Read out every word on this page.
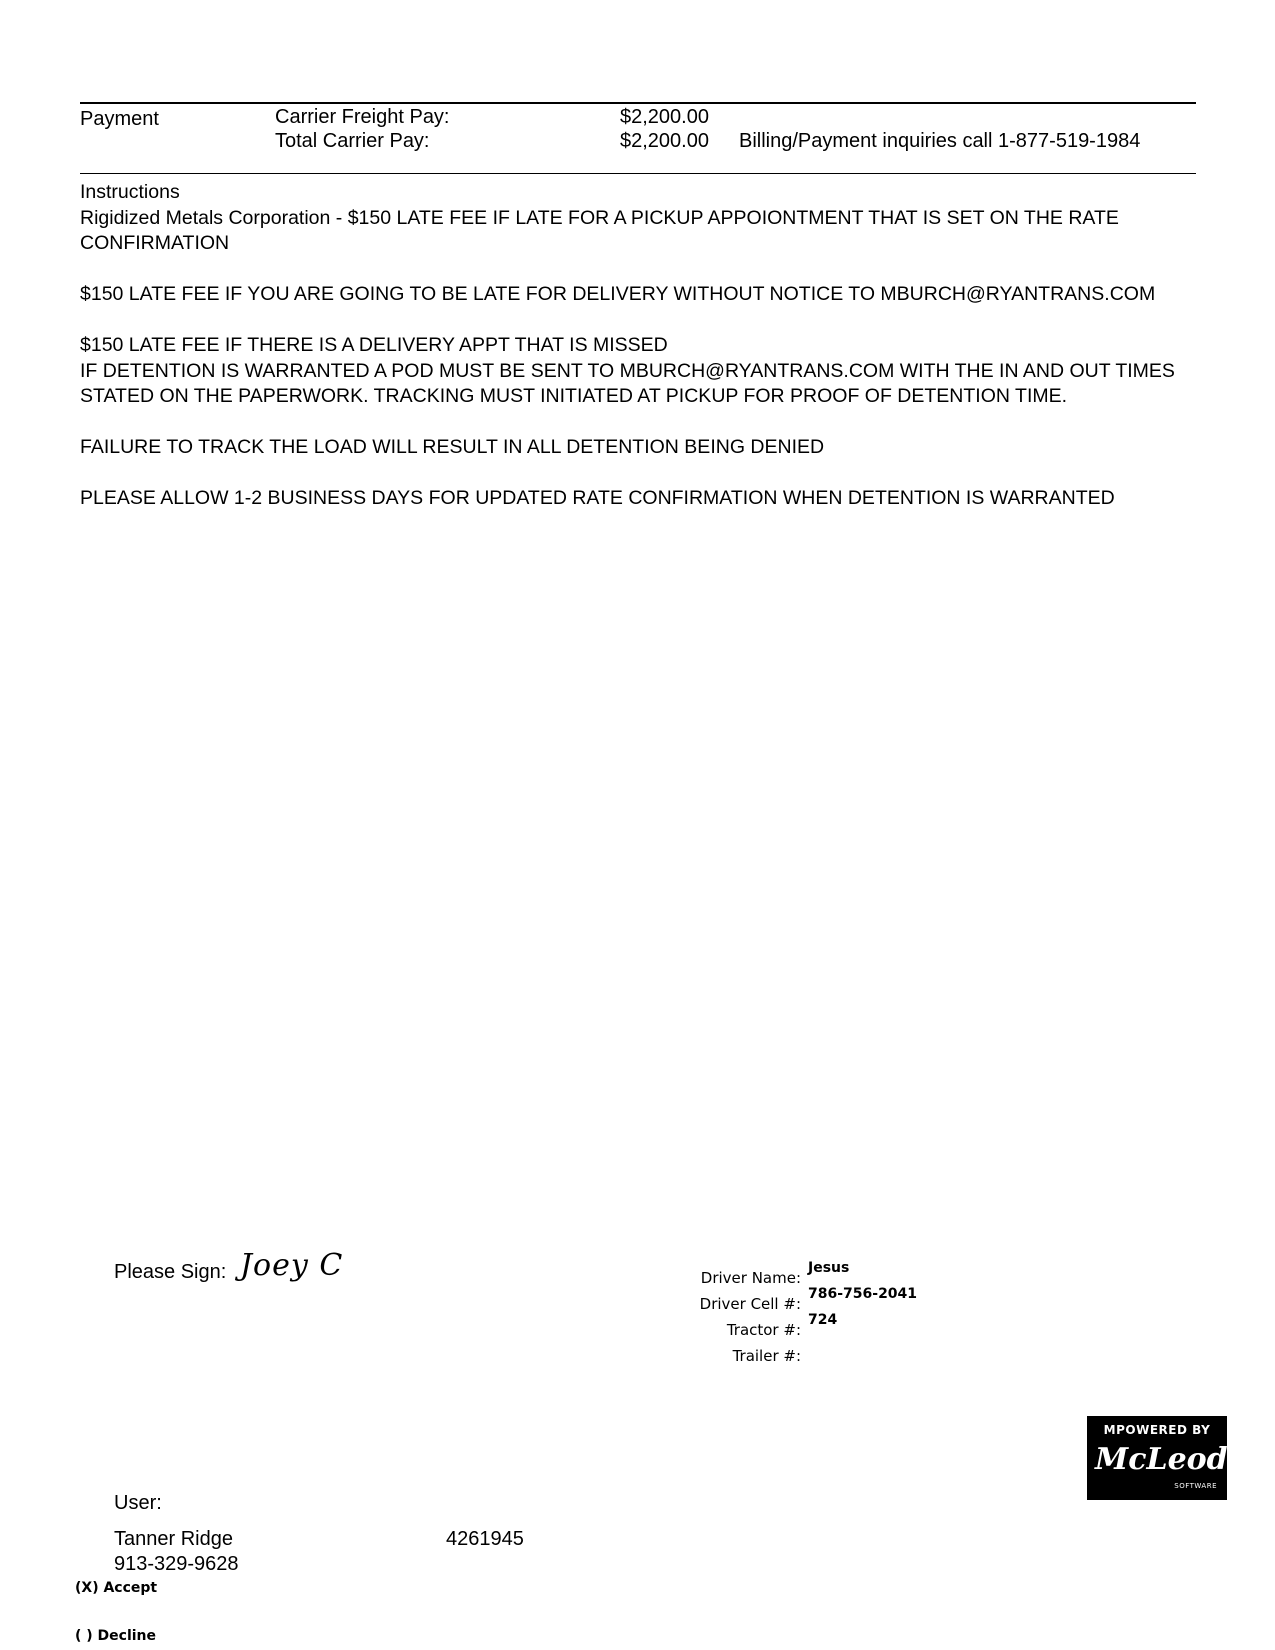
Payment	Carrier Freight Pay:	$2,200.00
Total Carrier Pay:	$2,200.00 Billing/Payment inquiries call 1-877-519-1984

Instructions

Rigidized Metals Corporation - $150 LATE FEE IF LATE FOR A PICKUP APPOIONTMENT THAT IS SET ON THE RATE CONFIRMATION

$150 LATE FEE IF YOU ARE GOING TO BE LATE FOR DELIVERY WITHOUT NOTICE TO MBURCH@RYANTRANS.COM

$150 LATE FEE IF THERE IS A DELIVERY APPT THAT IS MISSED

IF DETENTION IS WARRANTED A POD MUST BE SENT TO MBURCH@RYANTRANS.COM WITH THE IN AND OUT TIMES STATED ON THE PAPERWORK. TRACKING MUST INITIATED AT PICKUP FOR PROOF OF DETENTION TIME.

FAILURE TO TRACK THE LOAD WILL RESULT IN ALL DETENTION BEING DENIED

PLEASE ALLOW 1-2 BUSINESS DAYS FOR UPDATED RATE CONFIRMATION WHEN DETENTION IS WARRANTED

Please Sign: Joey C	Driver Name:
Jesus
Driver Cell #:
786-756-2041
Tractor #:
724
Trailer #:
MPOWERED BY
McLeod
SOFTWARE
User:
Tanner Ridge
913-329-9628
4261945
(X) Accept
( ) Decline
